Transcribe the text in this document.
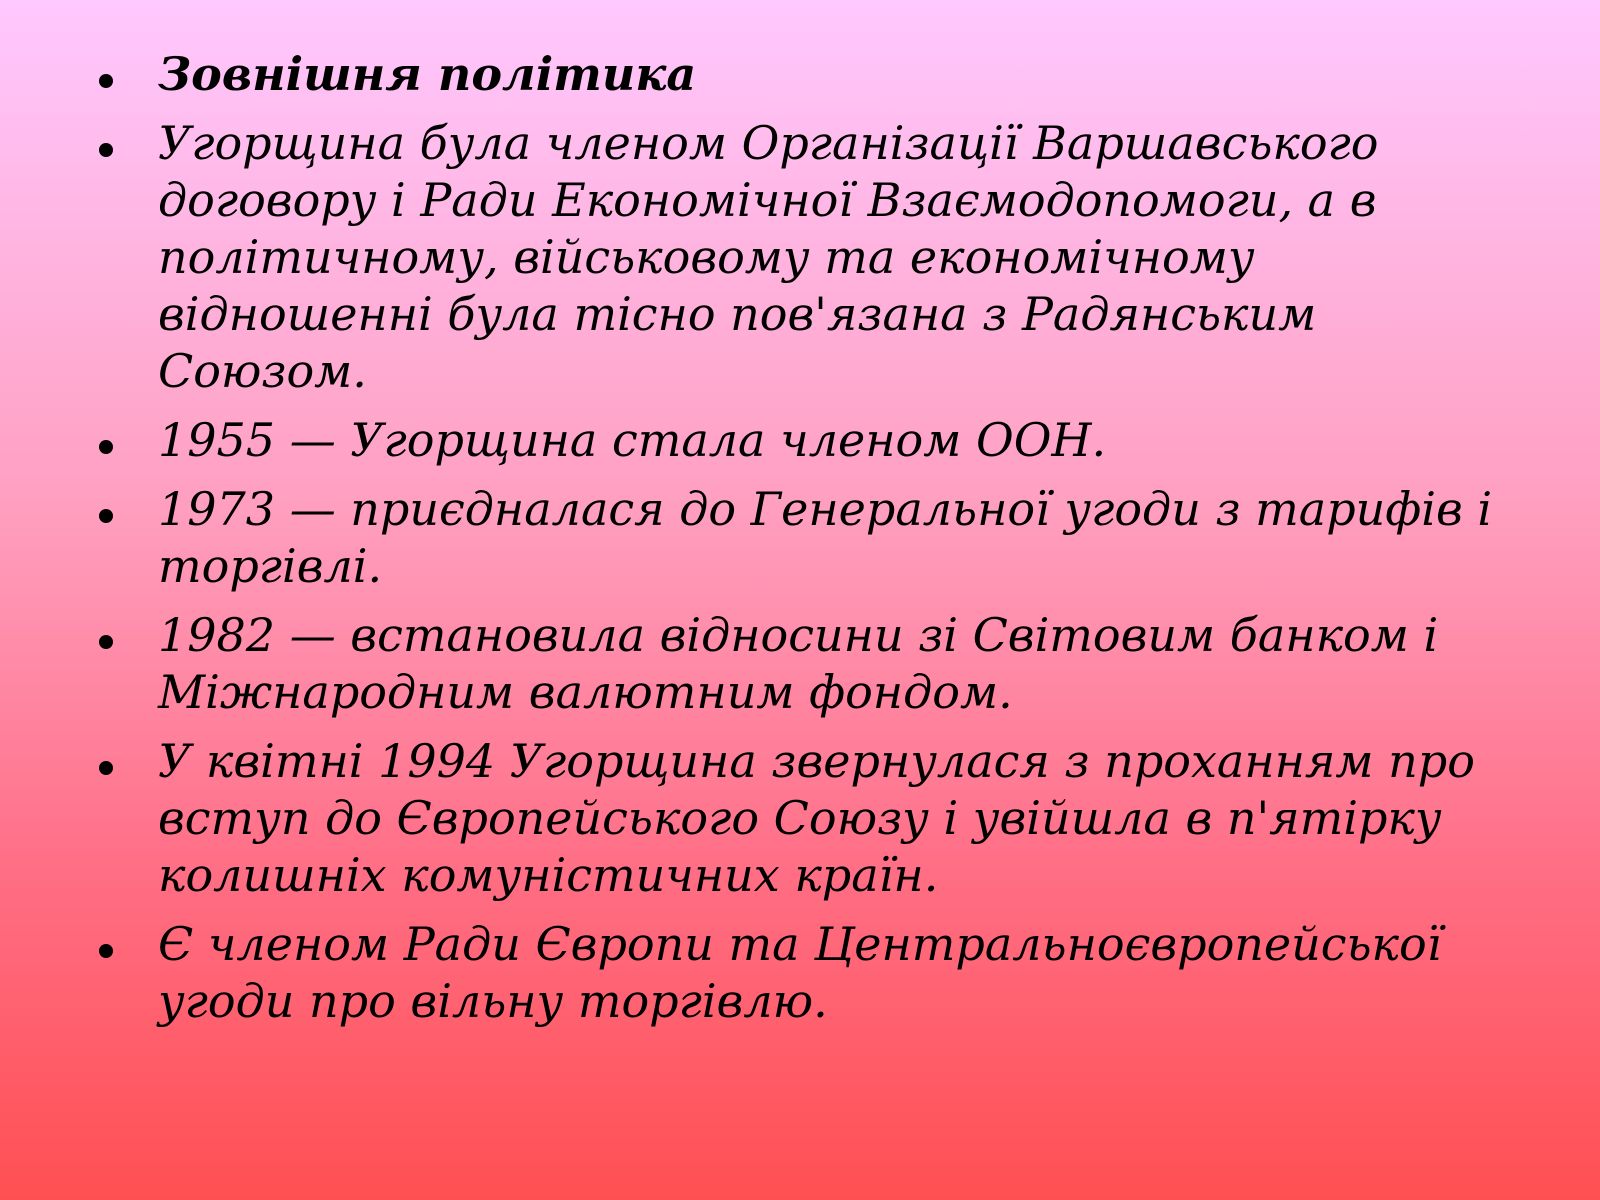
Зовнішня політика
Угорщина була членом Організації Варшавського
договору і Ради Економічної Взаємодопомоги, а в
політичному, військовому та економічному
відношенні була тісно пов'язана з Радянським
Союзом.
1955 — Угорщина стала членом ООН.
1973 — приєдналася до Генеральної угоди з тарифів і
торгівлі.
1982 — встановила відносини зі Світовим банком і
Міжнародним валютним фондом.
У квітні 1994 Угорщина звернулася з проханням про
вступ до Європейського Союзу і увійшла в п'ятірку
колишніх комуністичних країн.
Є членом Ради Європи та Центральноєвропейської
угоди про вільну торгівлю.
